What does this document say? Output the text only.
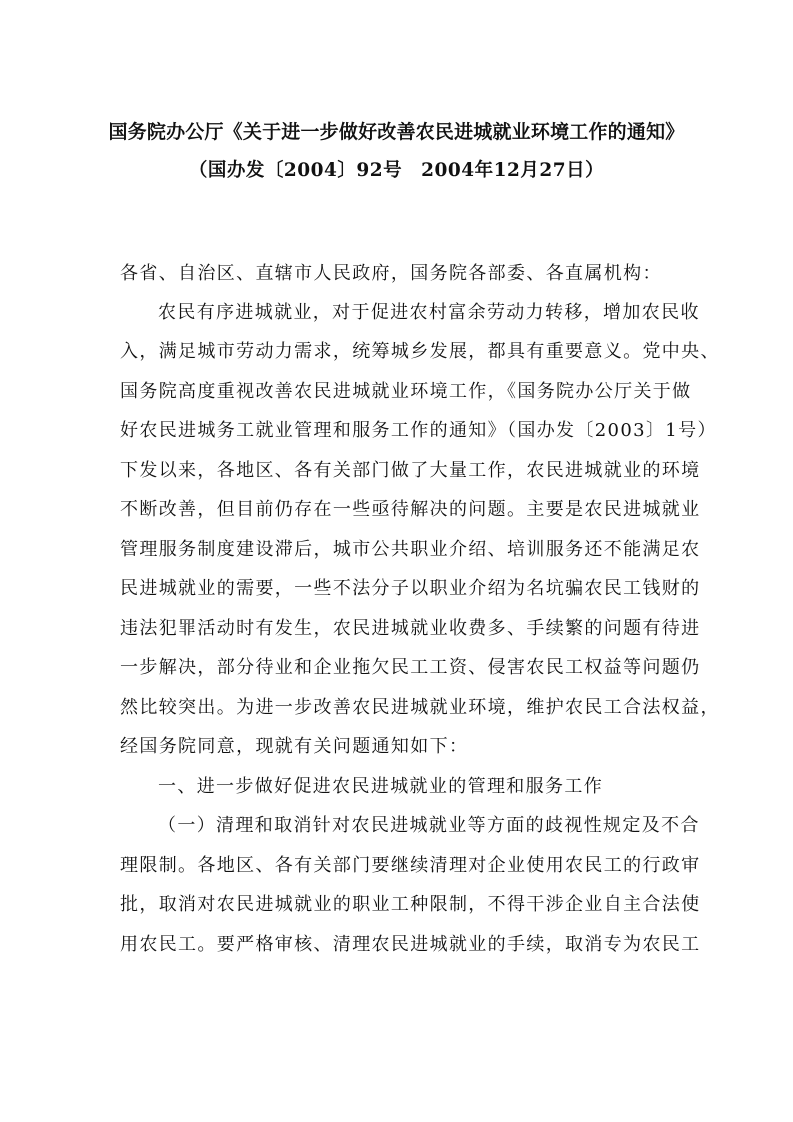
国务院办公厅《关于进一步做好改善农民进城就业环境工作的通知》
（国办发〔2004〕92号　2004年12月27日）
各省、自治区、直辖市人民政府，国务院各部委、各直属机构：
农民有序进城就业，对于促进农村富余劳动力转移，增加农民收
入，满足城市劳动力需求，统筹城乡发展，都具有重要意义。党中央、
国务院高度重视改善农民进城就业环境工作，《国务院办公厅关于做
好农民进城务工就业管理和服务工作的通知》（国办发〔2003〕1号）
下发以来，各地区、各有关部门做了大量工作，农民进城就业的环境
不断改善，但目前仍存在一些亟待解决的问题。主要是农民进城就业
管理服务制度建设滞后，城市公共职业介绍、培训服务还不能满足农
民进城就业的需要，一些不法分子以职业介绍为名坑骗农民工钱财的
违法犯罪活动时有发生，农民进城就业收费多、手续繁的问题有待进
一步解决，部分待业和企业拖欠民工工资、侵害农民工权益等问题仍
然比较突出。为进一步改善农民进城就业环境，维护农民工合法权益，
经国务院同意，现就有关问题通知如下：
一、进一步做好促进农民进城就业的管理和服务工作
（一）清理和取消针对农民进城就业等方面的歧视性规定及不合
理限制。各地区、各有关部门要继续清理对企业使用农民工的行政审
批，取消对农民进城就业的职业工种限制，不得干涉企业自主合法使
用农民工。要严格审核、清理农民进城就业的手续，取消专为农民工
